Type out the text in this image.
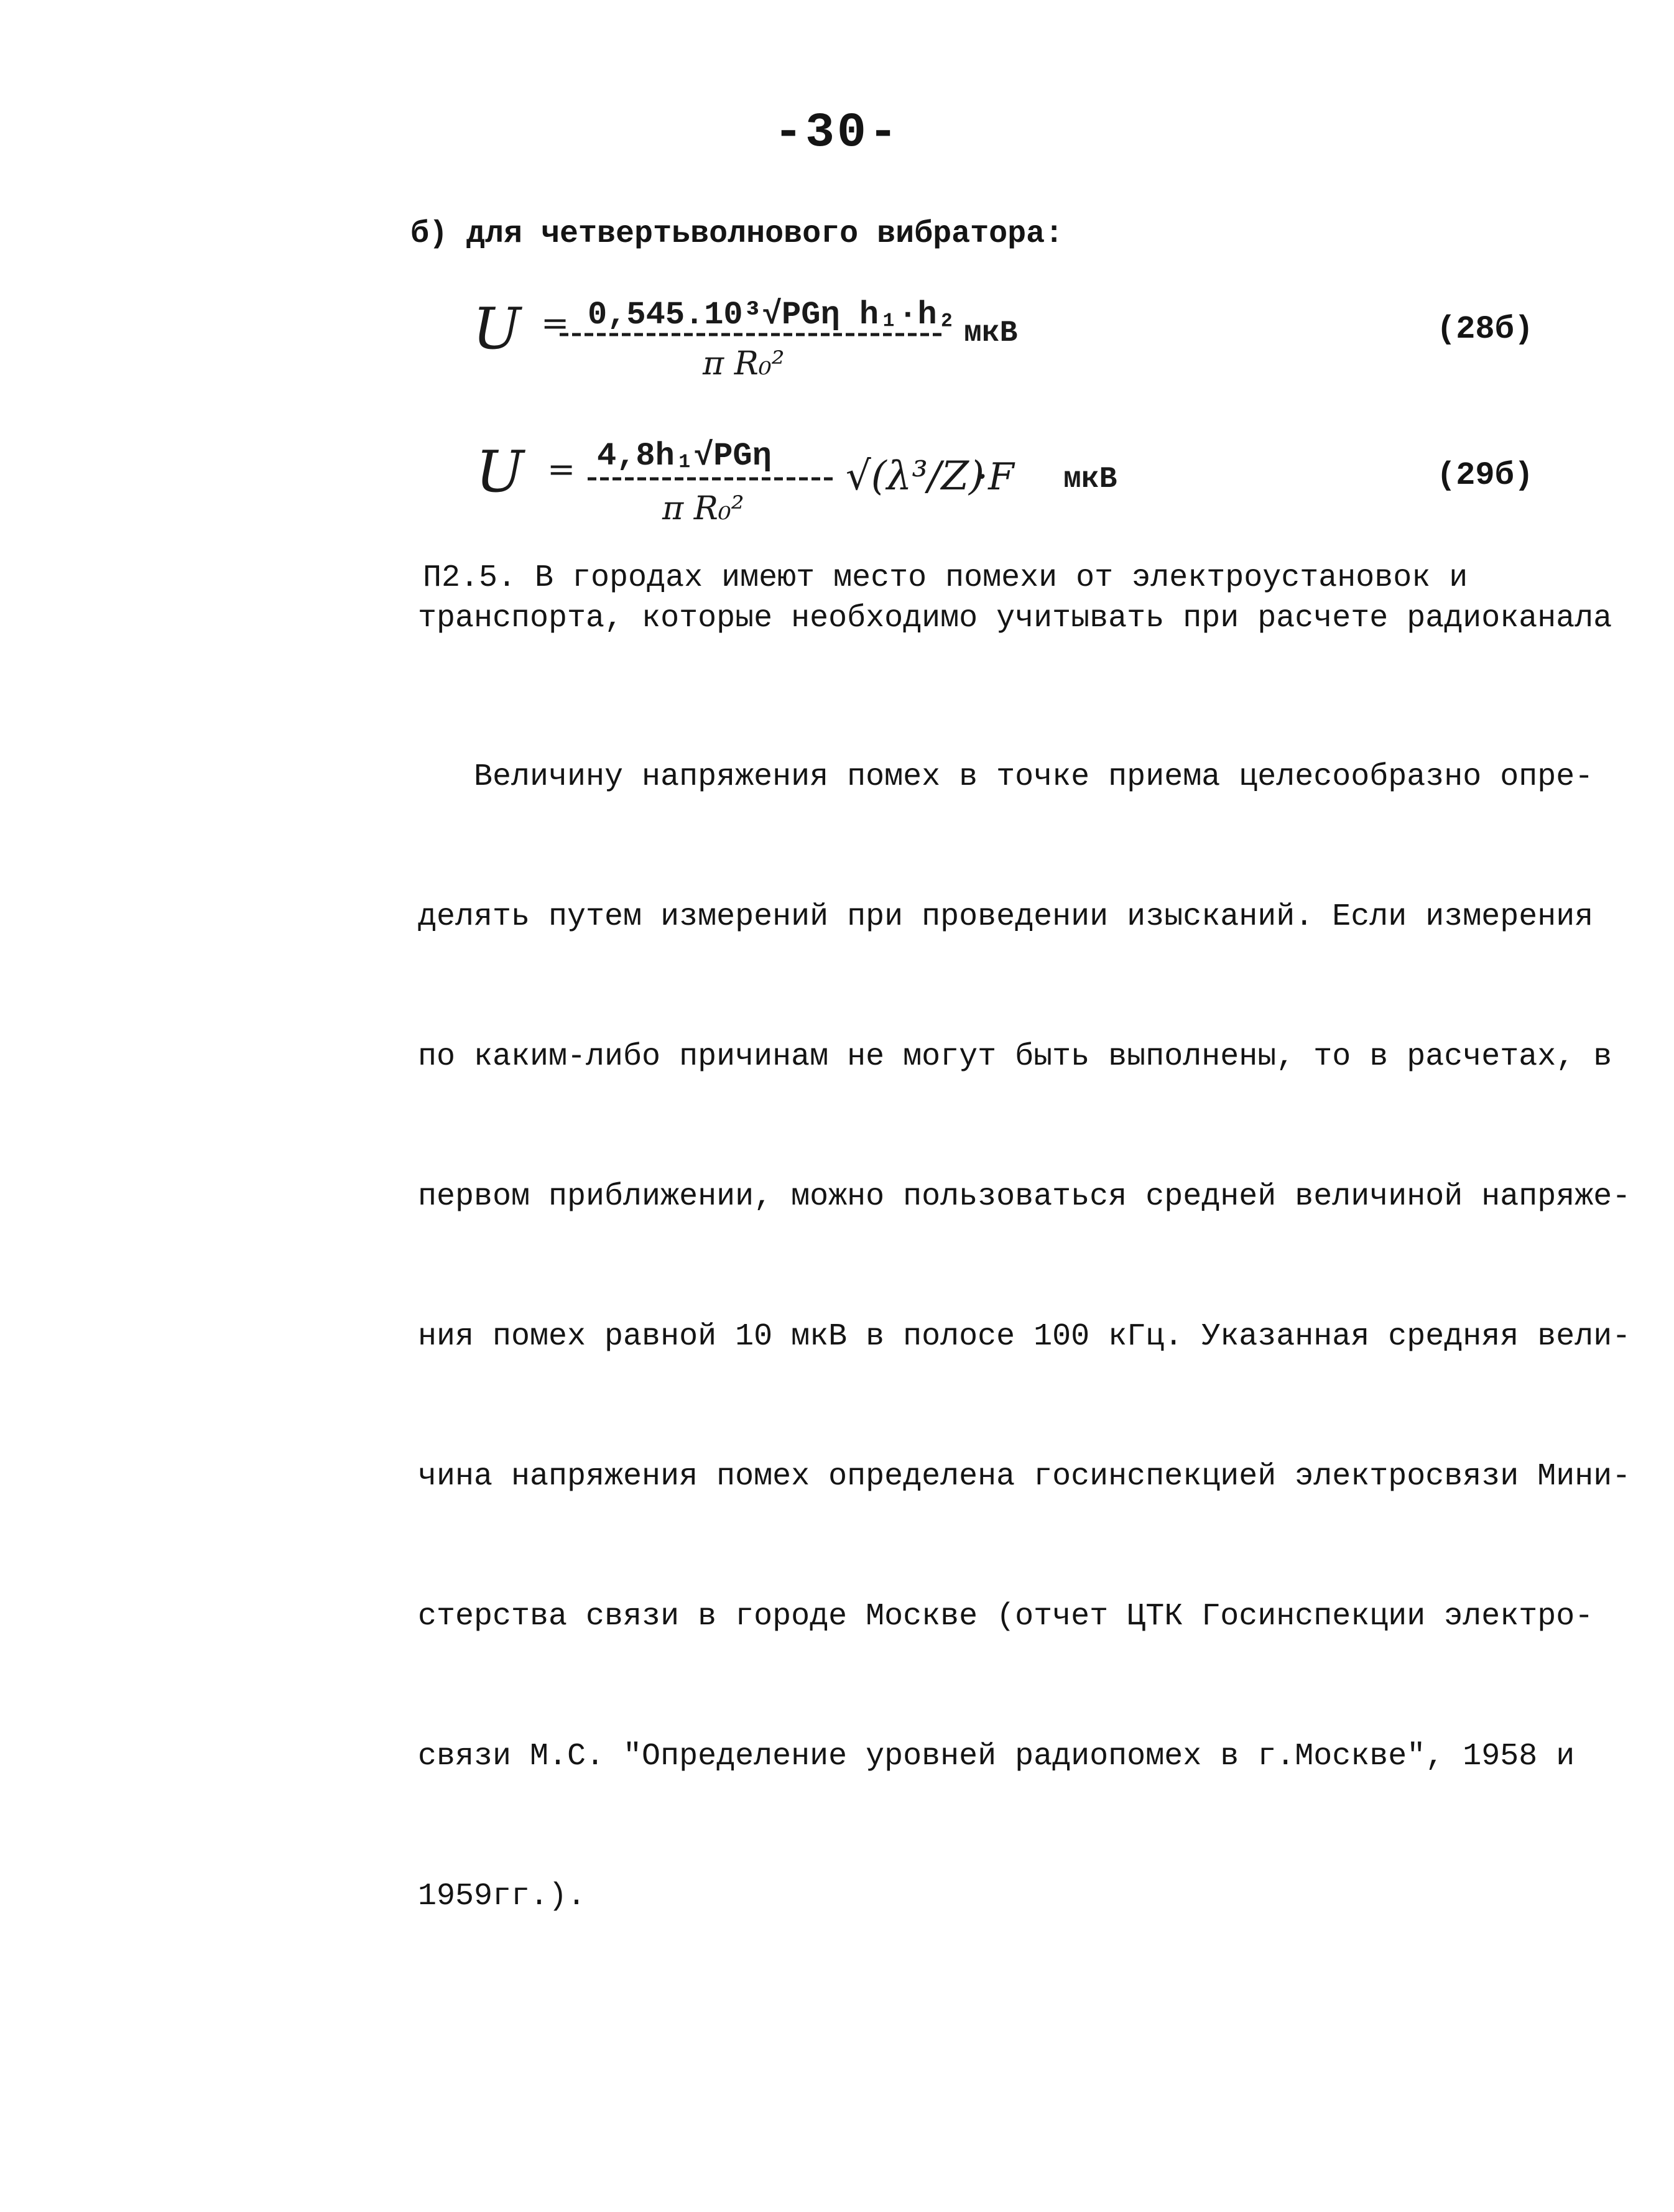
-30-
б) для четвертьволнового вибратора:
U = 0,545.10³√PGη h₁·h₂
π R₀²
мкВ	(28б)
U = 4,8h₁√PGη
π R₀²
√(λ³/Z)
·F мкВ	(29б)
П2.5. В городах имеют место помехи от электроустановок и
транспорта, которые необходимо учитывать при расчете радиоканала

Величину напряжения помех в точке приема целесообразно опре-

делять путем измерений при проведении изысканий. Если измерения

по каким-либо причинам не могут быть выполнены, то в расчетах, в

первом приближении, можно пользоваться средней величиной напряже-

ния помех равной 10 мкВ в полосе 100 кГц. Указанная средняя вели-

чина напряжения помех определена госинспекцией электросвязи Мини-

стерства связи в городе Москве (отчет ЦТК Госинспекции электро-

связи М.С. "Определение уровней радиопомех в г.Москве", 1958 и

1959гг.).
